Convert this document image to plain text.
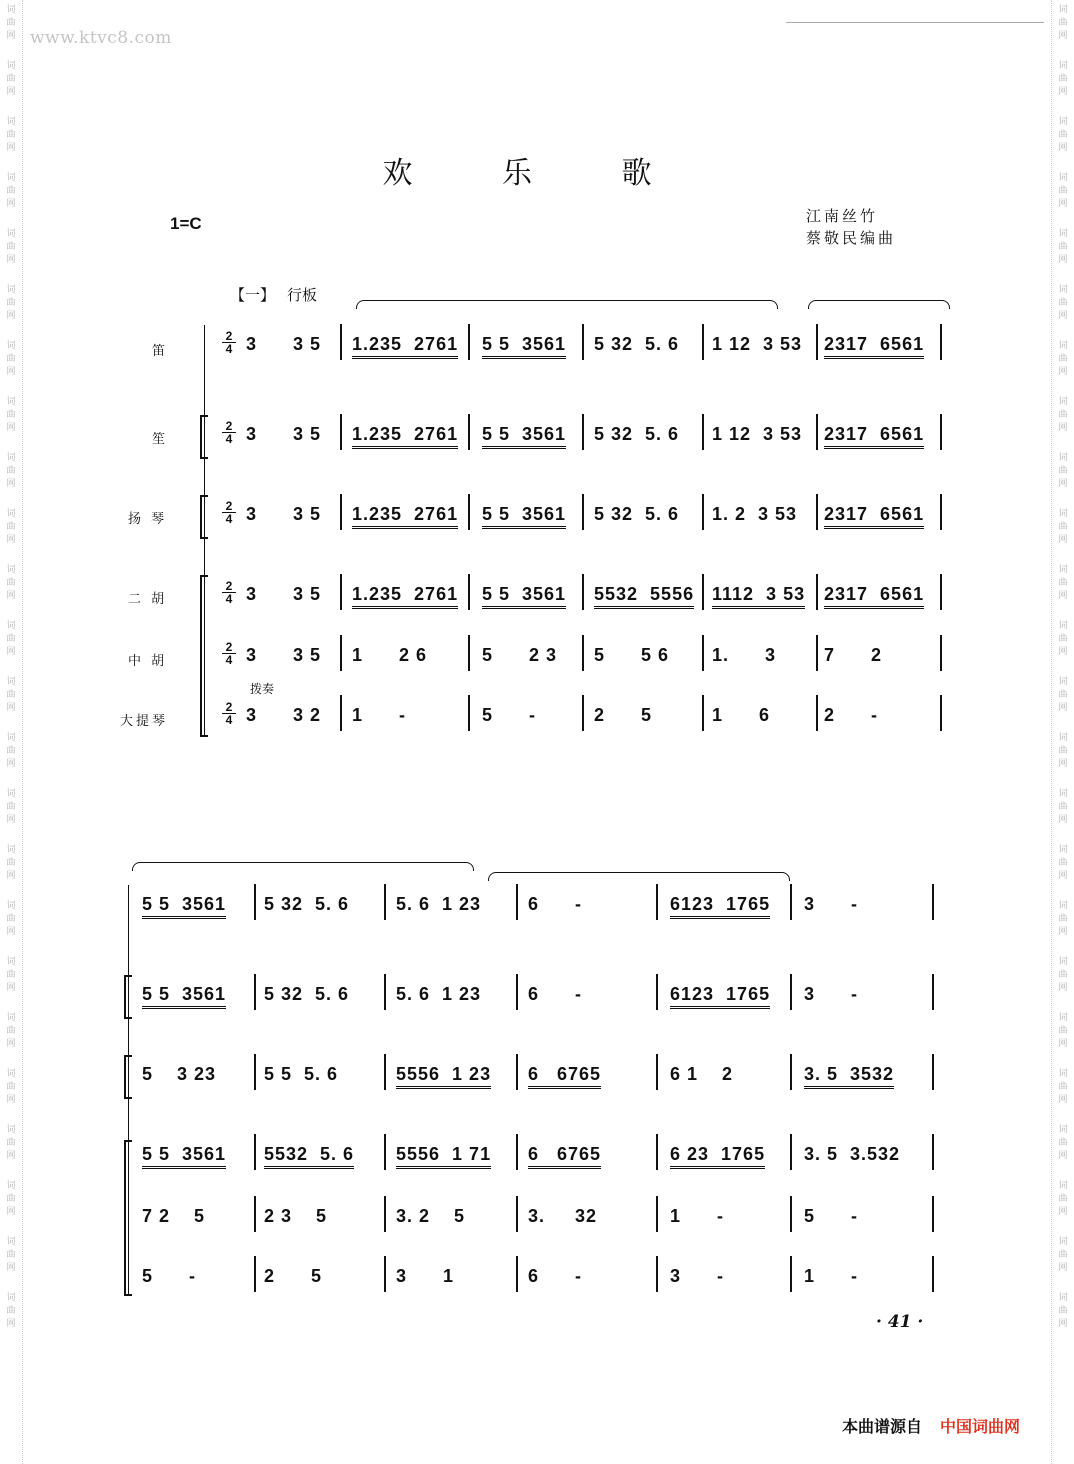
词
曲
网
词
曲
网
词
曲
网
词
曲
网
词
曲
网
词
曲
网
词
曲
网
词
曲
网
词
曲
网
词
曲
网
词
曲
网
词
曲
网
词
曲
网
词
曲
网
词
曲
网
词
曲
网
词
曲
网
词
曲
网
词
曲
网
词
曲
网
词
曲
网
词
曲
网
词
曲
网
词
曲
网
词
曲
网
词
曲
网
词
曲
网
词
曲
网
词
曲
网
词
曲
网
词
曲
网
词
曲
网
词
曲
网
词
曲
网
词
曲
网
词
曲
网
词
曲
网
词
曲
网
词
曲
网
词
曲
网
词
曲
网
词
曲
网
词
曲
网
词
曲
网
词
曲
网
词
曲
网
词
曲
网
词
曲
网
www.ktvc8.com
欢 乐 歌
1=C	江南丝竹
蔡敬民编曲
【一】 行板
笛
笙
扬 琴
二 胡
中 胡
大提琴
拨奏
2
4 3      3 5 1.235  2761 5 5  3561 5 32  5. 6 1 12  3 53 2317  6561
2
4 3      3 5 1.235  2761 5 5  3561 5 32  5. 6 1 12  3 53 2317  6561
2
4 3      3 5 1.235  2761 5 5  3561 5 32  5. 6 1. 2  3 53 2317  6561
2
4 3      3 5 1.235  2761 5 5  3561 5532  5556 1112  3 53 2317  6561
2
4 3      3 5 1      2 6	5      2 3 5      5 6 1.      3	7      2
2
4 3      3 2 1      -	5      -	2      5	1      6	2      -
5 5  3561 5 32  5. 6	5. 6  1 23	6      -	6123  1765 3      -
5 5  3561 5 32  5. 6	5. 6  1 23	6      -	6123  1765 3      -
5    3 23	5 5  5. 6	5556  1 23 6   6765	6 1    2	3. 5  3532
5 5  3561 5532  5. 6 5556  1 71 6   6765	6 23  1765 3. 5  3.532
7 2    5	2 3    5	3. 2    5	3.     32	1      -	5      -
5      -	2      5	3      1	6      -	3      -	1      -
· 41 ·
本曲谱源自 中国词曲网
